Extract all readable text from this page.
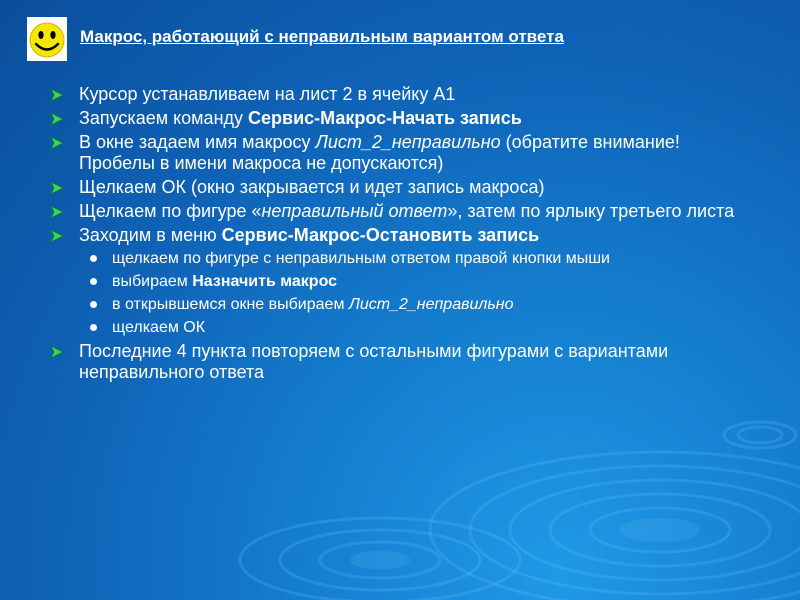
Макрос, работающий с неправильным вариантом ответа
Курсор устанавливаем на лист 2 в ячейку А1
Запускаем команду Сервис-Макрос-Начать запись
В окне задаем имя макросу Лист_2_неправильно (обратите внимание! Пробелы в имени макроса не допускаются)
Щелкаем ОК (окно закрывается и идет запись макроса)
Щелкаем по фигуре «неправильный ответ», затем по ярлыку третьего листа
Заходим в меню Сервис-Макрос-Остановить запись
щелкаем по фигуре с неправильным ответом правой кнопки мыши
выбираем Назначить макрос
в открывшемся окне выбираем Лист_2_неправильно
щелкаем ОК
Последние 4 пункта повторяем с остальными фигурами с вариантами неправильного ответа
